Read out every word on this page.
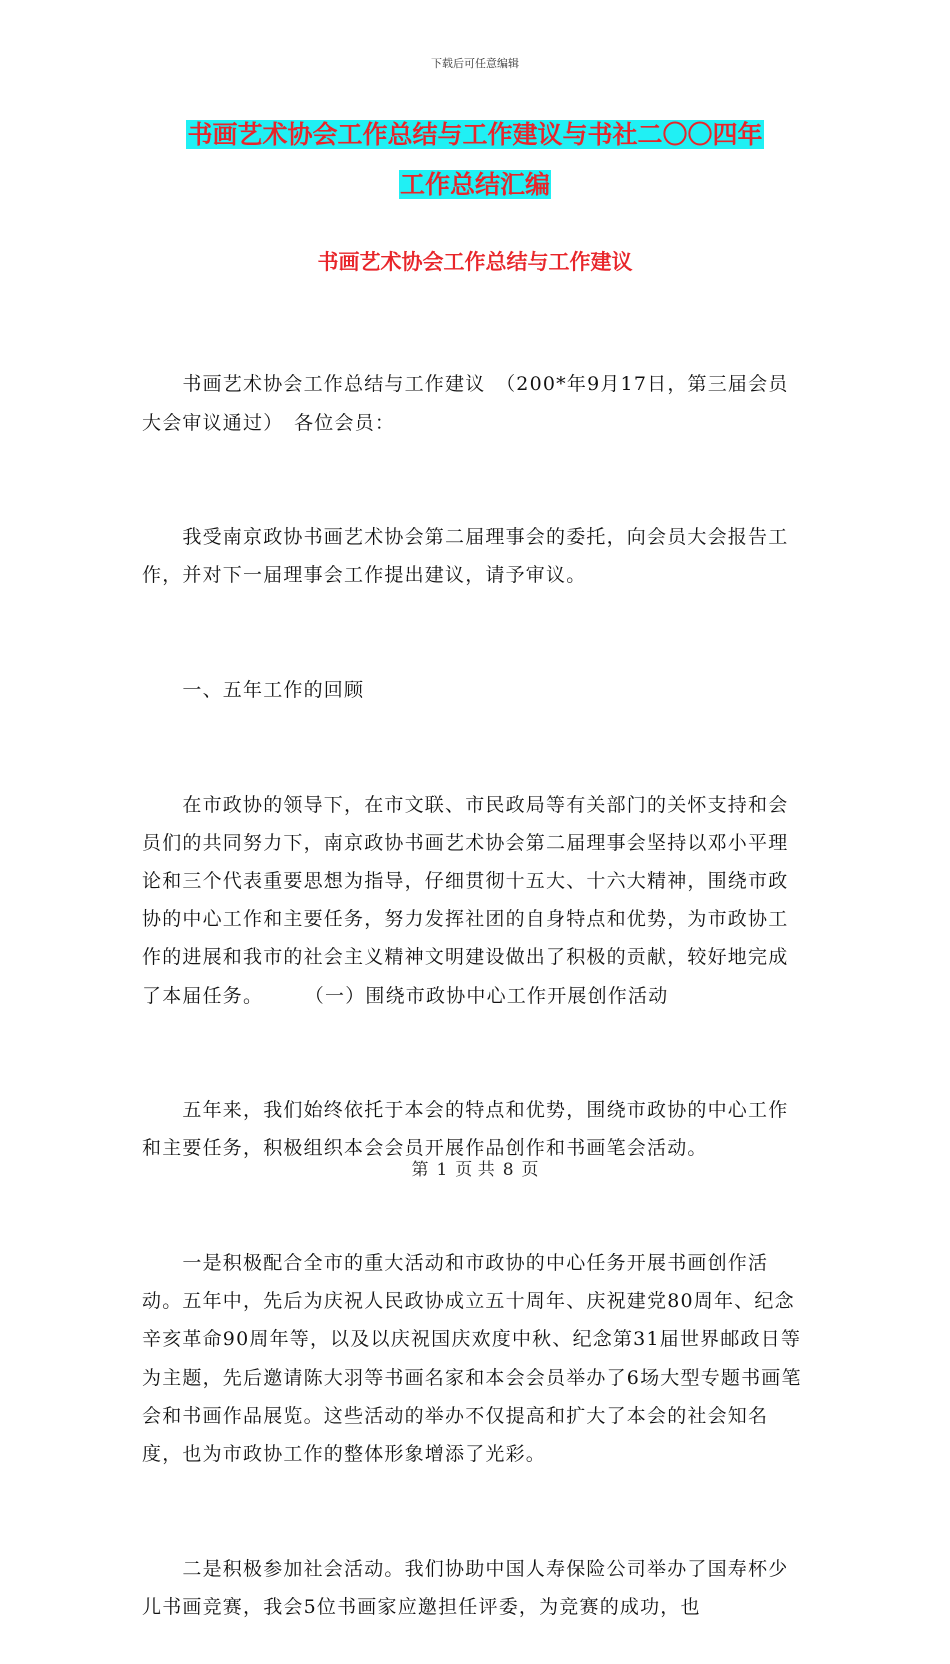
下载后可任意编辑
书画艺术协会工作总结与工作建议与书社二〇〇四年
工作总结汇编
书画艺术协会工作总结与工作建议

　　书画艺术协会工作总结与工作建议　（200*年9月17日，第三届会员大会审议通过）　各位会员：

　　我受南京政协书画艺术协会第二届理事会的委托，向会员大会报告工作，并对下一届理事会工作提出建议，请予审议。

　　一、五年工作的回顾

　　在市政协的领导下，在市文联、市民政局等有关部门的关怀支持和会员们的共同努力下，南京政协书画艺术协会第二届理事会坚持以邓小平理论和三个代表重要思想为指导，仔细贯彻十五大、十六大精神，围绕市政协的中心工作和主要任务，努力发挥社团的自身特点和优势，为市政协工作的进展和我市的社会主义精神文明建设做出了积极的贡献，较好地完成了本届任务。　　　（一）围绕市政协中心工作开展创作活动

　　五年来，我们始终依托于本会的特点和优势，围绕市政协的中心工作和主要任务，积极组织本会会员开展作品创作和书画笔会活动。

　　一是积极配合全市的重大活动和市政协的中心任务开展书画创作活动。五年中，先后为庆祝人民政协成立五十周年、庆祝建党80周年、纪念辛亥革命90周年等，以及以庆祝国庆欢度中秋、纪念第31届世界邮政日等为主题，先后邀请陈大羽等书画名家和本会会员举办了6场大型专题书画笔会和书画作品展览。这些活动的举办不仅提高和扩大了本会的社会知名度，也为市政协工作的整体形象增添了光彩。

　　二是积极参加社会活动。我们协助中国人寿保险公司举办了国寿杯少儿书画竞赛，我会5位书画家应邀担任评委，为竞赛的成功，也

第 1 页 共 8 页
